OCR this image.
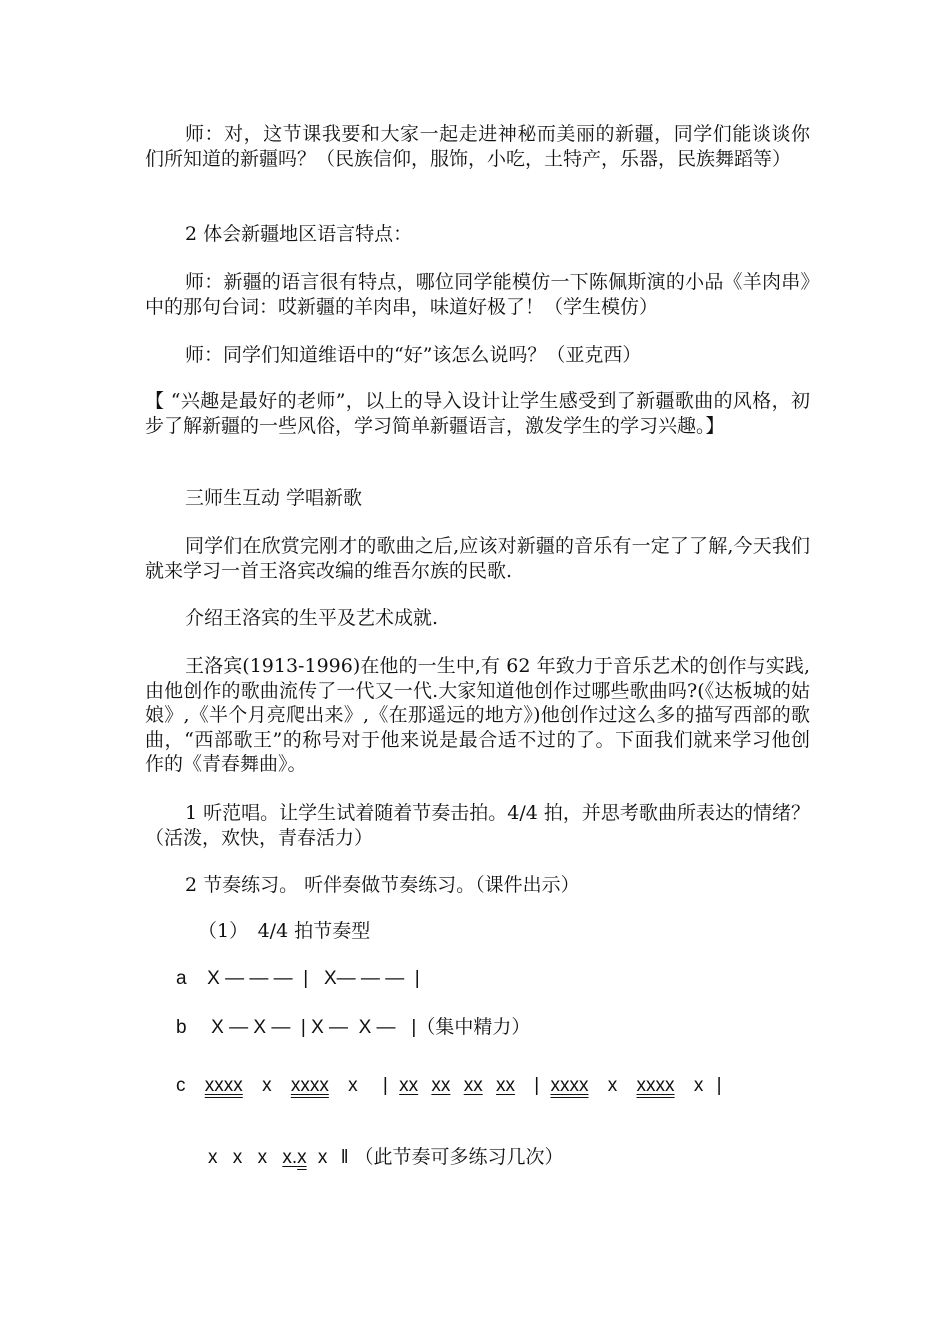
师：对，这节课我要和大家一起走进神秘而美丽的新疆，同学们能谈谈你们所知道的新疆吗？（民族信仰，服饰，小吃，土特产，乐器，民族舞蹈等）

2 体会新疆地区语言特点：

师：新疆的语言很有特点，哪位同学能模仿一下陈佩斯演的小品《羊肉串》中的那句台词：哎新疆的羊肉串，味道好极了！（学生模仿）

师：同学们知道维语中的“好”该怎么说吗？（亚克西）

【 “兴趣是最好的老师”，以上的导入设计让学生感受到了新疆歌曲的风格，初步了解新疆的一些风俗，学习简单新疆语言，激发学生的学习兴趣。】

三师生互动 学唱新歌

同学们在欣赏完刚才的歌曲之后,应该对新疆的音乐有一定了了解,今天我们就来学习一首王洛宾改编的维吾尔族的民歌.

介绍王洛宾的生平及艺术成就.

王洛宾(1913-1996)在他的一生中,有 62 年致力于音乐艺术的创作与实践,由他创作的歌曲流传了一代又一代.大家知道他创作过哪些歌曲吗?(《达板城的姑娘》,《半个月亮爬出来》,《在那遥远的地方》)他创作过这么多的描写西部的歌曲，“西部歌王”的称号对于他来说是最合适不过的了。下面我们就来学习他创作的《青春舞曲》。

1 听范唱。让学生试着随着节奏击拍。4/4 拍，并思考歌曲所表达的情绪？（活泼，欢快，青春活力）

2 节奏练习。 听伴奏做节奏练习。（课件出示）

（1）　4/4 拍节奏型

a X — — —  |   X— — —  |
b X — X —  | X —  X —   |（集中精力）
c xxxx x xxxx x | xx xx xx xx | xxxx x xxxx x |
x x x x.x x ‖ （此节奏可多练习几次）
